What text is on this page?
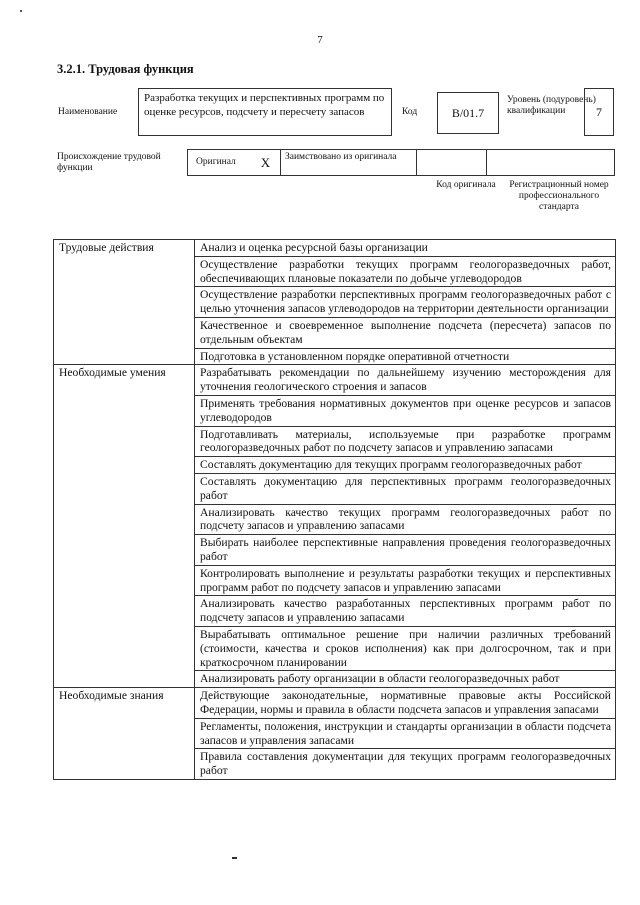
7
3.2.1. Трудовая функция
Наименование
Разработка текущих и перспективных программ по оценке ресурсов, подсчету и пересчету запасов	Код	B/01.7
Уровень (подуровень) квалификации	7
Происхождение трудовой функции
Оригинал	X	Заимствовано из оригинала
Код оригинала	Регистрационный номер профессионального стандарта
Трудовые действия	Анализ и оценка ресурсной базы организации
	Осуществление разработки текущих программ геологоразведочных работ, обеспечивающих плановые показатели по добыче углеводородов
	Осуществление разработки перспективных программ геологоразведочных работ с целью уточнения запасов углеводородов на территории деятельности организации
	Качественное и своевременное выполнение подсчета (пересчета) запасов по отдельным объектам
	Подготовка в установленном порядке оперативной отчетности
Необходимые умения	Разрабатывать рекомендации по дальнейшему изучению месторождения для уточнения геологического строения и запасов
	Применять требования нормативных документов при оценке ресурсов и запасов углеводородов
	Подготавливать материалы, используемые при разработке программ геологоразведочных работ по подсчету запасов и управлению запасами
	Составлять документацию для текущих программ геологоразведочных работ
	Составлять документацию для перспективных программ геологоразведочных работ
	Анализировать качество текущих программ геологоразведочных работ по подсчету запасов и управлению запасами
	Выбирать наиболее перспективные направления проведения геологоразведочных работ
	Контролировать выполнение и результаты разработки текущих и перспективных программ работ по подсчету запасов и управлению запасами
	Анализировать качество разработанных перспективных программ работ по подсчету запасов и управлению запасами
	Вырабатывать оптимальное решение при наличии различных требований (стоимости, качества и сроков исполнения) как при долгосрочном, так и при краткосрочном планировании
	Анализировать работу организации в области геологоразведочных работ
Необходимые знания	Действующие законодательные, нормативные правовые акты Российской Федерации, нормы и правила в области подсчета запасов и управления запасами
	Регламенты, положения, инструкции и стандарты организации в области подсчета запасов и управления запасами
	Правила составления документации для текущих программ геологоразведочных работ
